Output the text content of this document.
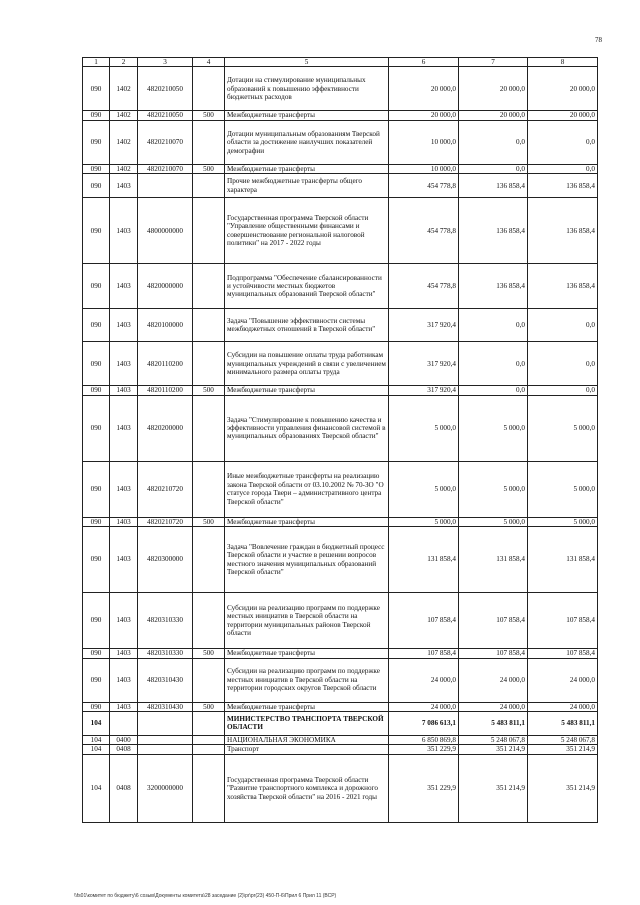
78
1	2	3	4	5	6	7	8
090	1402	4820210050		Дотации на стимулирование муниципальных образований к повышению эффективности бюджетных расходов	20 000,0	20 000,0	20 000,0
090	1402	4820210050	500	Межбюджетные трансферты	20 000,0	20 000,0	20 000,0
090	1402	4820210070		Дотации муниципальным образованиям Тверской области за достижение наилучших показателей демографии	10 000,0	0,0	0,0
090	1402	4820210070	500	Межбюджетные трансферты	10 000,0	0,0	0,0
090	1403			Прочие межбюджетные трансферты общего характера	454 778,8	136 858,4	136 858,4
090	1403	4800000000		Государственная программа Тверской области "Управление общественными финансами и совершенствование региональной налоговой политики" на 2017 - 2022 годы	454 778,8	136 858,4	136 858,4
090	1403	4820000000		Подпрограмма "Обеспечение сбалансированности и устойчивости местных бюджетов муниципальных образований Тверской области"	454 778,8	136 858,4	136 858,4
090	1403	4820100000		Задача "Повышение эффективности системы межбюджетных отношений в Тверской области"	317 920,4	0,0	0,0
090	1403	4820110200		Субсидии на повышение оплаты труда работникам муниципальных учреждений в связи с увеличением минимального размера оплаты труда	317 920,4	0,0	0,0
090	1403	4820110200	500	Межбюджетные трансферты	317 920,4	0,0	0,0
090	1403	4820200000		Задача "Стимулирование к повышению качества и эффективности управления финансовой системой в муниципальных образованиях Тверской области"	5 000,0	5 000,0	5 000,0
090	1403	4820210720		Иные межбюджетные трансферты на реализацию закона Тверской области от 03.10.2002 № 70-ЗО "О статусе города Твери – административного центра Тверской области"	5 000,0	5 000,0	5 000,0
090	1403	4820210720	500	Межбюджетные трансферты	5 000,0	5 000,0	5 000,0
090	1403	4820300000		Задача "Вовлечение граждан в бюджетный процесс Тверской области и участие в решении вопросов местного значения муниципальных образований Тверской области"	131 858,4	131 858,4	131 858,4
090	1403	4820310330		Субсидии на реализацию программ по поддержке местных инициатив в Тверской области на территории муниципальных районов Тверской области	107 858,4	107 858,4	107 858,4
090	1403	4820310330	500	Межбюджетные трансферты	107 858,4	107 858,4	107 858,4
090	1403	4820310430		Субсидии на реализацию программ по поддержке местных инициатив в Тверской области на территории городских округов Тверской области	24 000,0	24 000,0	24 000,0
090	1403	4820310430	500	Межбюджетные трансферты	24 000,0	24 000,0	24 000,0
104				МИНИСТЕРСТВО ТРАНСПОРТА ТВЕРСКОЙ ОБЛАСТИ	7 086 613,1	5 483 811,1	5 483 811,1
104	0400			НАЦИОНАЛЬНАЯ ЭКОНОМИКА	6 850 869,8	5 248 067,8	5 248 067,8
104	0408			Транспорт	351 229,9	351 214,9	351 214,9
104	0408	3200000000		Государственная программа Тверской области "Развитие транспортного комплекса и дорожного хозяйства Тверской области" на 2016 - 2021 годы	351 229,9	351 214,9	351 214,9
\\fs01\комитет по бюджету\6 созыв\Документы комитета\28 заседание (2)\pr\pr(23) 450-П-6\Прил 6 Прил 11 (ВСР)
